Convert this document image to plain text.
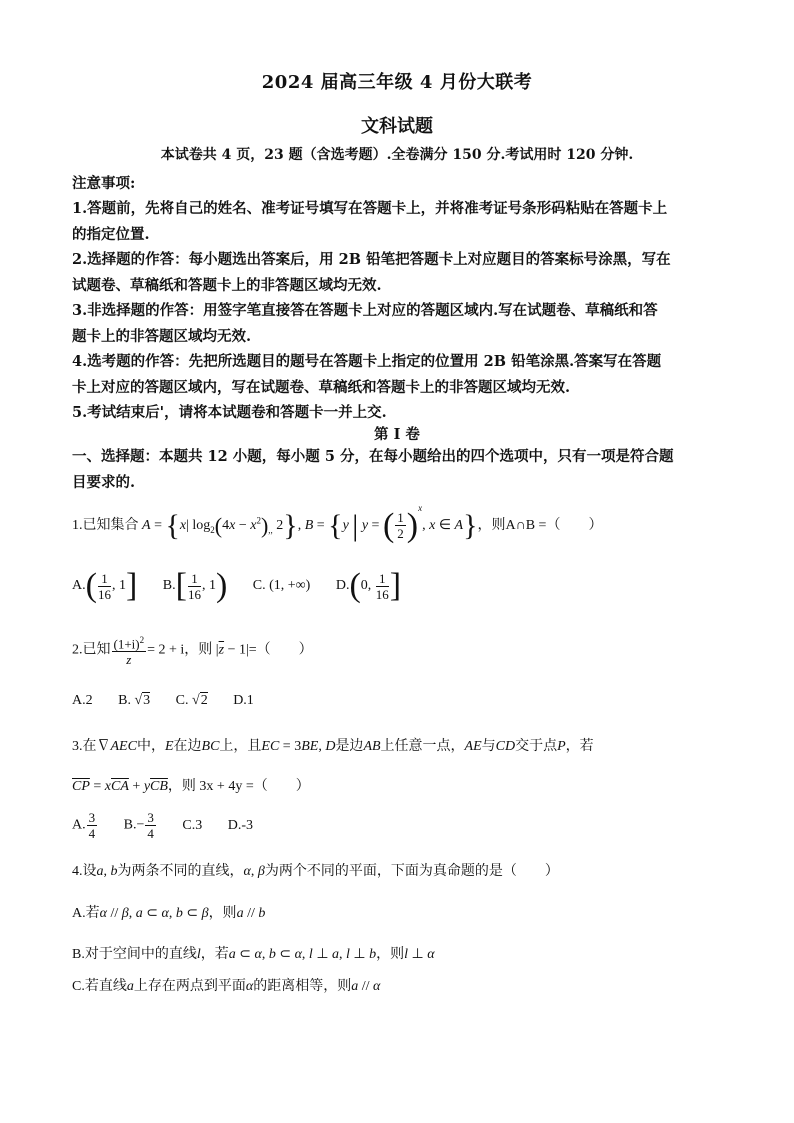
2024 届高三年级 4 月份大联考
文科试题
本试卷共 4 页，23 题（含选考题）.全卷满分 150 分.考试用时 120 分钟.
注意事项:

1.答题前，先将自己的姓名、准考证号填写在答题卡上，并将准考证号条形码粘贴在答题卡上

的指定位置.

2.选择题的作答：每小题选出答案后，用 2B 铅笔把答题卡上对应题目的答案标号涂黑，写在

试题卷、草稿纸和答题卡上的非答题区域均无效.

3.非选择题的作答：用签字笔直接答在答题卡上对应的答题区域内.写在试题卷、草稿纸和答

题卡上的非答题区域均无效.

4.选考题的作答：先把所选题目的题号在答题卡上指定的位置用 2B 铅笔涂黑.答案写在答题

卡上对应的答题区域内，写在试题卷、草稿纸和答题卡上的非答题区域均无效.

5.考试结束后'，请将本试题卷和答题卡一并上交.

第 I 卷
一、选择题：本题共 12 小题，每小题 5 分，在每小题给出的四个选项中，只有一项是符合题
目要求的.
1.已知集合 A = {x| $\log_2(4x - x^2)_{,,}$ 2}, B = {y | y = ( $\frac{1}{2} )^x$, x ∈ A}，则A∩B =（　　）
$A.( \frac{1}{16}$ , 1] $B.[ \frac{1}{16}$ , 1) C. (1, +∞) D.(0, $\frac{1}{16}$ ]
2.已知 $\frac{(1+i)^2}{z} = 2 + i$，则 $|\overline{z} - 1|=$（　　）
A.2 B. √3 C. √2 D.1
3.在∇AEC中，E在边BC上，且EC = 3BE, D是边AB上任意一点，AE与CD交于点P，若
$\overline{CP} = x\overline{CA} + y\overline{CB}$，则 3x + 4y =（　　）
A. $\frac{3}{4} B.- \frac{3}{4} C.3$ D.-3
4.设a, b为两条不同的直线，α, β为两个不同的平面，下面为真命题的是（　　）
A.若α // β, a ⊂ α, b ⊂ β，则a // b
B.对于空间中的直线l，若a ⊂ α, b ⊂ α, l ⊥ a, l ⊥ b，则l ⊥ α
C.若直线a上存在两点到平面α的距离相等，则a // α
